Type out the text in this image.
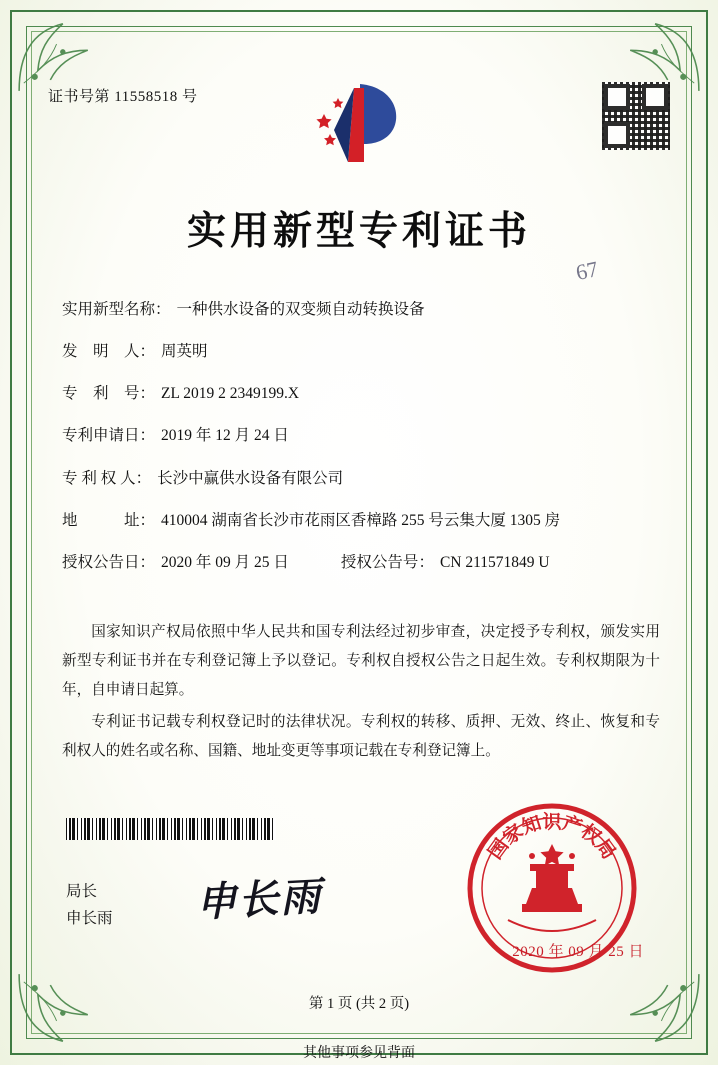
证书号第 11558518 号
实用新型专利证书
67
实用新型名称 ： 一种供水设备的双变频自动转换设备
发　明　人 ： 周英明
专　利　号 ： ZL 2019 2 2349199.X
专利申请日 ： 2019 年 12 月 24 日
专 利 权 人 ： 长沙中赢供水设备有限公司
地　　　址 ： 410004 湖南省长沙市花雨区香樟路 255 号云集大厦 1305 房
授权公告日 ： 2020 年 09 月 25 日	授权公告号 ： CN 211571849 U

国家知识产权局依照中华人民共和国专利法经过初步审查，决定授予专利权，颁发实用新型专利证书并在专利登记簿上予以登记。专利权自授权公告之日起生效。专利权期限为十年，自申请日起算。

专利证书记载专利权登记时的法律状况。专利权的转移、质押、无效、终止、恢复和专利权人的姓名或名称、国籍、地址变更等事项记载在专利登记簿上。

局长
申长雨 申长雨
国
家
知
识
产
权
局
2020 年 09 月 25 日
第 1 页 (共 2 页)
其他事项参见背面
